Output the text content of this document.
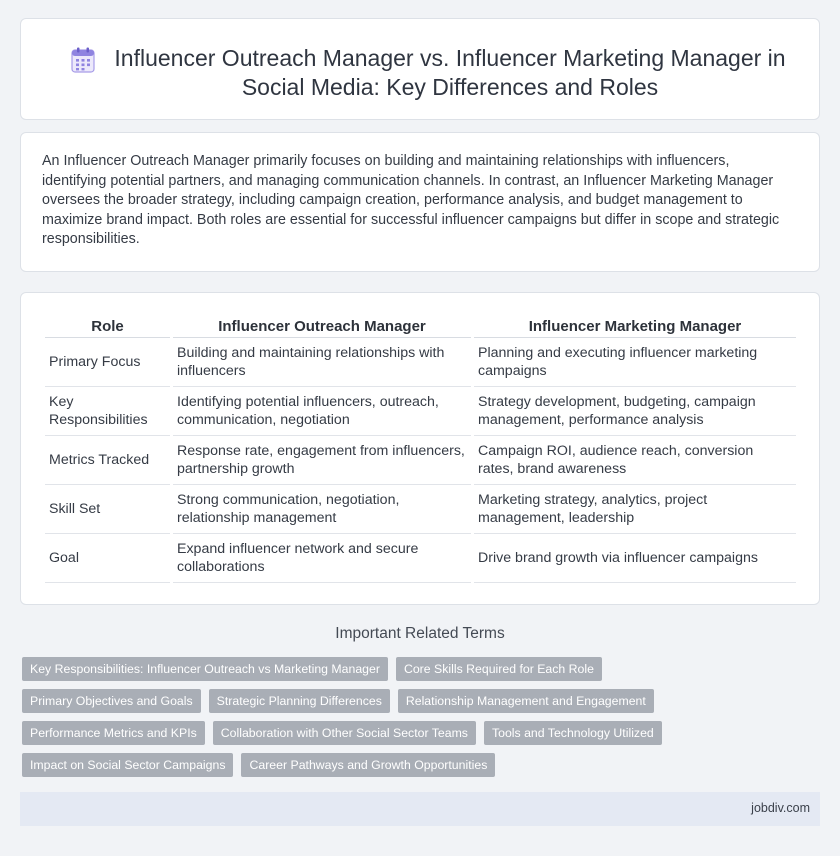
Influencer Outreach Manager vs. Influencer Marketing Manager in Social Media: Key Differences and Roles

An Influencer Outreach Manager primarily focuses on building and maintaining relationships with influencers, identifying potential partners, and managing communication channels. In contrast, an Influencer Marketing Manager oversees the broader strategy, including campaign creation, performance analysis, and budget management to maximize brand impact. Both roles are essential for successful influencer campaigns but differ in scope and strategic responsibilities.

Role	Influencer Outreach Manager	Influencer Marketing Manager
Primary Focus	Building and maintaining relationships with influencers	Planning and executing influencer marketing campaigns
Key Responsibilities	Identifying potential influencers, outreach, communication, negotiation	Strategy development, budgeting, campaign management, performance analysis
Metrics Tracked	Response rate, engagement from influencers, partnership growth	Campaign ROI, audience reach, conversion rates, brand awareness
Skill Set	Strong communication, negotiation, relationship management	Marketing strategy, analytics, project management, leadership
Goal	Expand influencer network and secure collaborations	Drive brand growth via influencer campaigns
Important Related Terms
Key Responsibilities: Influencer Outreach vs Marketing Manager	Core Skills Required for Each Role
Primary Objectives and Goals	Strategic Planning Differences	Relationship Management and Engagement
Performance Metrics and KPIs	Collaboration with Other Social Sector Teams	Tools and Technology Utilized
Impact on Social Sector Campaigns	Career Pathways and Growth Opportunities
jobdiv.com
